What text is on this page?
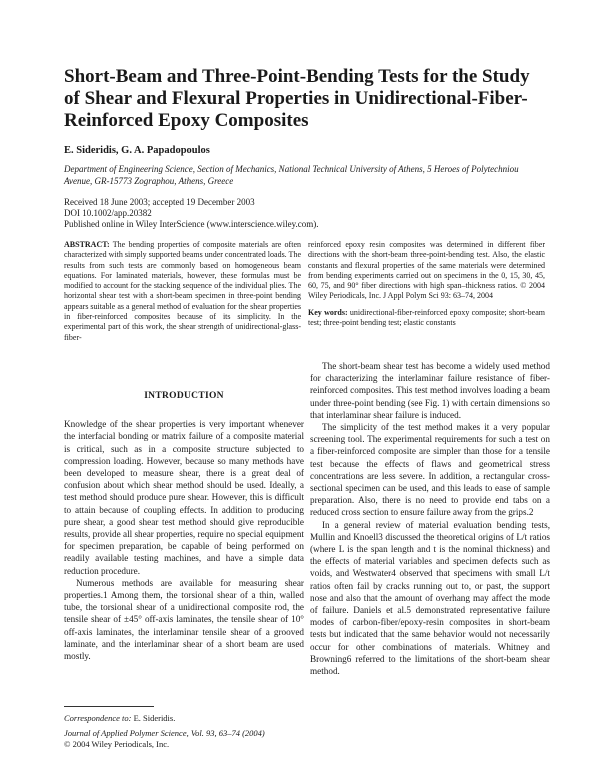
Short-Beam and Three-Point-Bending Tests for the Study of Shear and Flexural Properties in Unidirectional-Fiber-Reinforced Epoxy Composites
E. Sideridis, G. A. Papadopoulos
Department of Engineering Science, Section of Mechanics, National Technical University of Athens, 5 Heroes of Polytechniou Avenue, GR-15773 Zographou, Athens, Greece
Received 18 June 2003; accepted 19 December 2003
DOI 10.1002/app.20382
Published online in Wiley InterScience (www.interscience.wiley.com).
ABSTRACT: The bending properties of composite materials are often characterized with simply supported beams under concentrated loads. The results from such tests are commonly based on homogeneous beam equations. For laminated materials, however, these formulas must be modified to account for the stacking sequence of the individual plies. The horizontal shear test with a short-beam specimen in three-point bending appears suitable as a general method of evaluation for the shear properties in fiber-reinforced composites because of its simplicity. In the experimental part of this work, the shear strength of unidirectional-glass-fiber-
reinforced epoxy resin composites was determined in different fiber directions with the short-beam three-point-bending test. Also, the elastic constants and flexural properties of the same materials were determined from bending experiments carried out on specimens in the 0, 15, 30, 45, 60, 75, and 90° fiber directions with high span–thickness ratios. © 2004 Wiley Periodicals, Inc. J Appl Polym Sci 93: 63–74, 2004
Key words: unidirectional-fiber-reinforced epoxy composite; short-beam test; three-point bending test; elastic constants
INTRODUCTION

Knowledge of the shear properties is very important whenever the interfacial bonding or matrix failure of a composite material is critical, such as in a composite structure subjected to compression loading. However, because so many methods have been developed to measure shear, there is a great deal of confusion about which shear method should be used. Ideally, a test method should produce pure shear. However, this is difficult to attain because of coupling effects. In addition to producing pure shear, a good shear test method should give reproducible results, provide all shear properties, require no special equipment for specimen preparation, be capable of being performed on readily available testing machines, and have a simple data reduction procedure.

Numerous methods are available for measuring shear properties.1 Among them, the torsional shear of a thin, walled tube, the torsional shear of a unidirectional composite rod, the tensile shear of ±45° off-axis laminates, the tensile shear of 10° off-axis laminates, the interlaminar tensile shear of a grooved laminate, and the interlaminar shear of a short beam are used mostly.

The short-beam shear test has become a widely used method for characterizing the interlaminar failure resistance of fiber-reinforced composites. This test method involves loading a beam under three-point bending (see Fig. 1) with certain dimensions so that interlaminar shear failure is induced.

The simplicity of the test method makes it a very popular screening tool. The experimental requirements for such a test on a fiber-reinforced composite are simpler than those for a tensile test because the effects of flaws and geometrical stress concentrations are less severe. In addition, a rectangular cross-sectional specimen can be used, and this leads to ease of sample preparation. Also, there is no need to provide end tabs on a reduced cross section to ensure failure away from the grips.2

In a general review of material evaluation bending tests, Mullin and Knoell3 discussed the theoretical origins of L/t ratios (where L is the span length and t is the nominal thickness) and the effects of material variables and specimen defects such as voids, and Westwater4 observed that specimens with small L/t ratios often fail by cracks running out to, or past, the support nose and also that the amount of overhang may affect the mode of failure. Daniels et al.5 demonstrated representative failure modes of carbon-fiber/epoxy-resin composites in short-beam tests but indicated that the same behavior would not necessarily occur for other combinations of materials. Whitney and Browning6 referred to the limitations of the short-beam shear method.

Correspondence to: E. Sideridis.
Journal of Applied Polymer Science, Vol. 93, 63–74 (2004)
© 2004 Wiley Periodicals, Inc.
